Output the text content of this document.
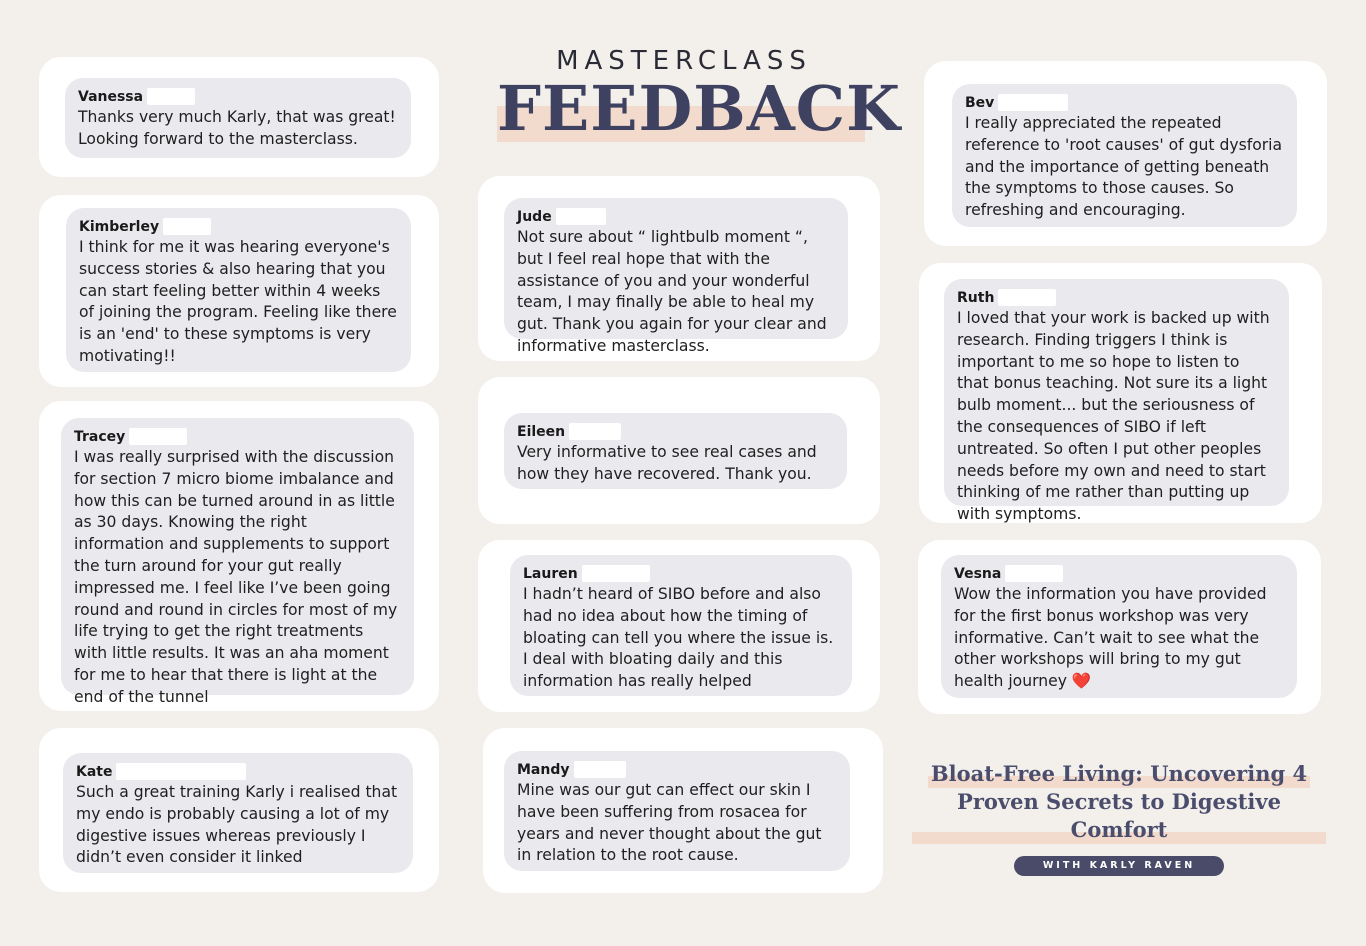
MASTERCLASS
FEEDBACK
Vanessa

Thanks very much Karly, that was great! Looking forward to the masterclass.

Kimberley

I think for me it was hearing everyone's success stories & also hearing that you can start feeling better within 4 weeks of joining the program. Feeling like there is an 'end' to these symptoms is very motivating!!

Tracey

I was really surprised with the discussion for section 7 micro biome imbalance and how this can be turned around in as little as 30 days. Knowing the right information and supplements to support the turn around for your gut really impressed me. I feel like I’ve been going round and round in circles for most of my life trying to get the right treatments with little results. It was an aha moment for me to hear that there is light at the end of the tunnel

Kate

Such a great training Karly i realised that my endo is probably causing a lot of my digestive issues whereas previously I didn’t even consider it linked

Jude

Not sure about “ lightbulb moment “, but I feel real hope that with the assistance of you and your wonderful team, I may finally be able to heal my gut. Thank you again for your clear and informative masterclass.

Eileen

Very informative to see real cases and how they have recovered. Thank you.

Lauren

I hadn’t heard of SIBO before and also had no idea about how the timing of bloating can tell you where the issue is. I deal with bloating daily and this information has really helped

Mandy

Mine was our gut can effect our skin I have been suffering from rosacea for years and never thought about the gut in relation to the root cause.

Bev

I really appreciated the repeated reference to 'root causes' of gut dysforia and the importance of getting beneath the symptoms to those causes. So refreshing and encouraging.

Ruth

I loved that your work is backed up with research. Finding triggers I think is important to me so hope to listen to that bonus teaching. Not sure its a light bulb moment... but the seriousness of the consequences of SIBO if left untreated. So often I put other peoples needs before my own and need to start thinking of me rather than putting up with symptoms.

Vesna

Wow the information you have provided for the first bonus workshop was very informative. Can’t wait to see what the other workshops will bring to my gut health journey ❤️

Bloat-Free Living: Uncovering 4
Proven Secrets to Digestive Comfort
WITH KARLY RAVEN
